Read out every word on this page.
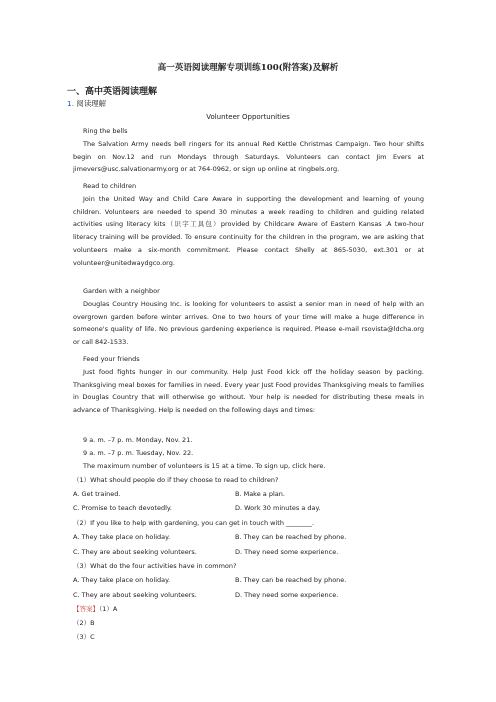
高一英语阅读理解专项训练100(附答案)及解析
一、高中英语阅读理解
1. 阅读理解
Volunteer Opportunities

Ring the bells

The Salvation Army needs bell ringers for its annual Red Kettle Christmas Campaign. Two hour shifts begin on Nov.12 and run Mondays through Saturdays. Volunteers can contact Jim Evers at jimevers@usc.salvationarmy.org or at 764-0962, or sign up online at ringbels.org.

Read to children

Join the United Way and Child Care Aware in supporting the development and learning of young children. Volunteers are needed to spend 30 minutes a week reading to children and guiding related activities using literacy kits（识字工具包）provided by Childcare Aware of Eastern Kansas .A two-hour literacy training will be provided. To ensure continuity for the children in the program, we are asking that volunteers make a six-month commitment. Please contact Shelly at 865-5030, ext.301 or at volunteer@unitedwaydgco.org.

Garden with a neighbor

Douglas Country Housing Inc. is looking for volunteers to assist a senior man in need of help with an overgrown garden before winter arrives. One to two hours of your time will make a huge difference in someone's quality of life. No previous gardening experience is required. Please e-mail rsovista@ldcha.org or call 842-1533.

Feed your friends

Just food fights hunger in our community. Help Just Food kick off the holiday season by packing. Thanksgiving meal boxes for families in need. Every year Just Food provides Thanksgiving meals to families in Douglas Country that will otherwise go without. Your help is needed for distributing these meals in advance of Thanksgiving. Help is needed on the following days and times:

9 a. m. –7 p. m. Monday, Nov. 21.
9 a. m. –7 p. m. Tuesday, Nov. 22.
The maximum number of volunteers is 15 at a time. To sign up, click here.
（1）What should people do if they choose to read to children?
A. Get trained.	B. Make a plan.
C. Promise to teach devotedly.	D. Work 30 minutes a day.
（2）If you like to help with gardening, you can get in touch with ________.
A. They take place on holiday.	B. They can be reached by phone.
C. They are about seeking volunteers.	D. They need some experience.
（3）What do the four activities have in common?
A. They take place on holiday.	B. They can be reached by phone.
C. They are about seeking volunteers.	D. They need some experience.
【答案】（1）A
（2）B
（3）C
